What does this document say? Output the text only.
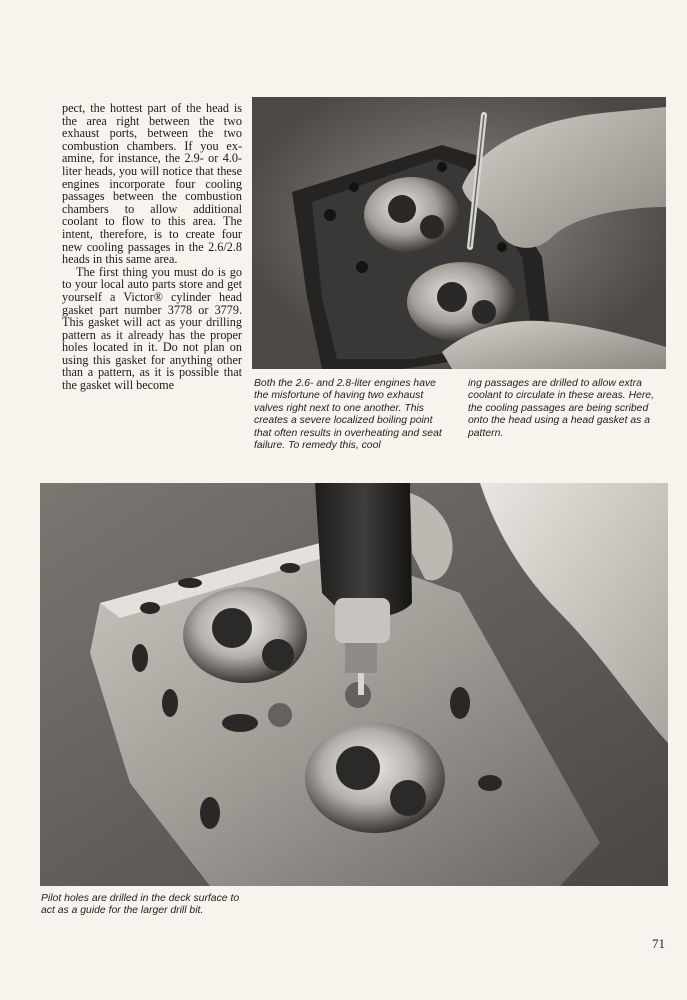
pect, the hottest part of the head is the area right between the two exhaust ports, between the two combustion chambers. If you examine, for instance, the 2.9- or 4.0-liter heads, you will notice that these engines incorporate four cooling passages between the combustion chambers to allow additional coolant to flow to this area. The intent, therefore, is to create four new cooling passages in the 2.6/2.8 heads in this same area.

The first thing you must do is go to your local auto parts store and get yourself a Victor® cylinder head gasket part number 3778 or 3779. This gasket will act as your drilling pattern as it already has the proper holes located in it. Do not plan on using this gasket for anything other than a pattern, as it is possible that the gasket will become	Both the 2.6- and 2.8-liter engines have the misfortune of having two exhaust valves right next to one another. This creates a severe localized boiling point that often results in overheating and seat failure. To remedy this, cool
ing passages are drilled to allow extra coolant to circulate in these areas. Here, the cooling passages are being scribed onto the head using a head gasket as a pattern.
Pilot holes are drilled in the deck surface to act as a guide for the larger drill bit.
71
